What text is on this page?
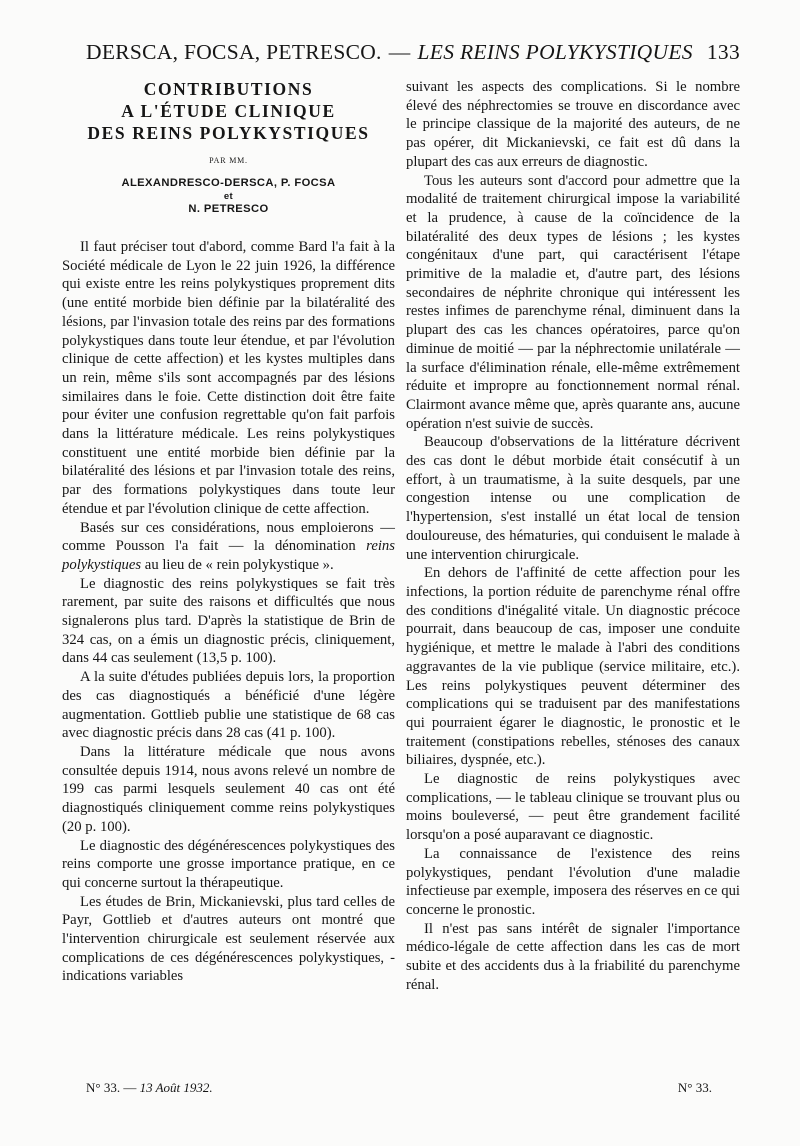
DERSCA, FOCSA, PETRESCO. — LES REINS POLYKYSTIQUES 133
CONTRIBUTIONS
A L'ÉTUDE CLINIQUE
DES REINS POLYKYSTIQUES
PAR MM.
ALEXANDRESCO-DERSCA, P. FOCSA
et
N. PETRESCO

Il faut préciser tout d'abord, comme Bard l'a fait à la Société médicale de Lyon le 22 juin 1926, la différence qui existe entre les reins polykystiques proprement dits (une entité morbide bien définie par la bilatéralité des lésions, par l'invasion totale des reins par des formations polykystiques dans toute leur étendue, et par l'évolution clinique de cette affection) et les kystes multiples dans un rein, même s'ils sont accompagnés par des lésions similaires dans le foie. Cette distinction doit être faite pour éviter une confusion regrettable qu'on fait parfois dans la littérature médicale. Les reins polykystiques constituent une entité morbide bien définie par la bilatéralité des lésions et par l'invasion totale des reins, par des formations polykystiques dans toute leur étendue et par l'évolution clinique de cette affection.

Basés sur ces considérations, nous emploierons — comme Pousson l'a fait — la dénomination reins polykystiques au lieu de « rein polykystique ».

Le diagnostic des reins polykystiques se fait très rarement, par suite des raisons et difficultés que nous signalerons plus tard. D'après la statistique de Brin de 324 cas, on a émis un diagnostic précis, cliniquement, dans 44 cas seulement (13,5 p. 100).

A la suite d'études publiées depuis lors, la proportion des cas diagnostiqués a bénéficié d'une légère augmentation. Gottlieb publie une statistique de 68 cas avec diagnostic précis dans 28 cas (41 p. 100).

Dans la littérature médicale que nous avons consultée depuis 1914, nous avons relevé un nombre de 199 cas parmi lesquels seulement 40 cas ont été diagnostiqués cliniquement comme reins polykystiques (20 p. 100).

Le diagnostic des dégénérescences polykystiques des reins comporte une grosse importance pratique, en ce qui concerne surtout la thérapeutique.

Les études de Brin, Mickanievski, plus tard celles de Payr, Gottlieb et d'autres auteurs ont montré que l'intervention chirurgicale est seulement réservée aux complications de ces dégénérescences polykystiques, - indications variables

suivant les aspects des complications. Si le nombre élevé des néphrectomies se trouve en discordance avec le principe classique de la majorité des auteurs, de ne pas opérer, dit Mickanievski, ce fait est dû dans la plupart des cas aux erreurs de diagnostic.

Tous les auteurs sont d'accord pour admettre que la modalité de traitement chirurgical impose la variabilité et la prudence, à cause de la coïncidence de la bilatéralité des deux types de lésions ; les kystes congénitaux d'une part, qui caractérisent l'étape primitive de la maladie et, d'autre part, des lésions secondaires de néphrite chronique qui intéressent les restes infimes de parenchyme rénal, diminuent dans la plupart des cas les chances opératoires, parce qu'on diminue de moitié — par la néphrectomie unilatérale — la surface d'élimination rénale, elle-même extrêmement réduite et impropre au fonctionnement normal rénal. Clairmont avance même que, après quarante ans, aucune opération n'est suivie de succès.

Beaucoup d'observations de la littérature décrivent des cas dont le début morbide était consécutif à un effort, à un traumatisme, à la suite desquels, par une congestion intense ou une complication de l'hypertension, s'est installé un état local de tension douloureuse, des hématuries, qui conduisent le malade à une intervention chirurgicale.

En dehors de l'affinité de cette affection pour les infections, la portion réduite de parenchyme rénal offre des conditions d'inégalité vitale. Un diagnostic précoce pourrait, dans beaucoup de cas, imposer une conduite hygiénique, et mettre le malade à l'abri des conditions aggravantes de la vie publique (service militaire, etc.). Les reins polykystiques peuvent déterminer des complications qui se traduisent par des manifestations qui pourraient égarer le diagnostic, le pronostic et le traitement (constipations rebelles, sténoses des canaux biliaires, dyspnée, etc.).

Le diagnostic de reins polykystiques avec complications, — le tableau clinique se trouvant plus ou moins bouleversé, — peut être grandement facilité lorsqu'on a posé auparavant ce diagnostic.

La connaissance de l'existence des reins polykystiques, pendant l'évolution d'une maladie infectieuse par exemple, imposera des réserves en ce qui concerne le pronostic.

Il n'est pas sans intérêt de signaler l'importance médico-légale de cette affection dans les cas de mort subite et des accidents dus à la friabilité du parenchyme rénal.

N° 33. — 13 Août 1932.	N° 33.
